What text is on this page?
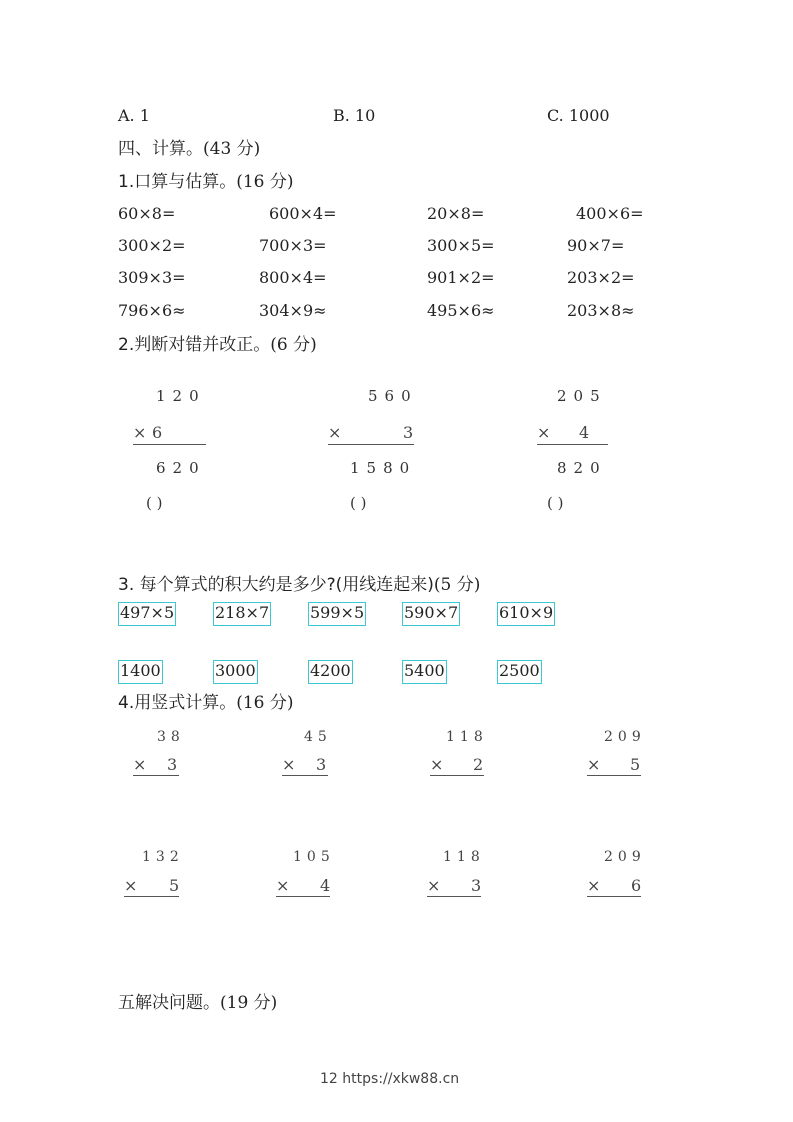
A. 1	B. 10	C. 1000
四、计算。(43 分)
1.口算与估算。(16 分)
60×8=	600×4=	20×8=	400×6=
300×2=	700×3=	300×5=	90×7=
309×3=	800×4=	901×2=	203×2=
796×6≈	304×9≈	495×6≈	203×8≈
2.判断对错并改正。(6 分)
120
× 6
620
( )
560
×	3
1580
( )
205
× 4
820
( )
3. 每个算式的积大约是多少?(用线连起来)(5 分)
497×5	218×7	599×5 590×7	610×9
1400	3000	4200	5400	2500
4.用竖式计算。(16 分)
38
× 3
45
× 3
118
× 2
209
× 5
132
× 5
105
× 4
118
× 3
209
× 6
五解决问题。(19 分)
12 https://xkw88.cn
